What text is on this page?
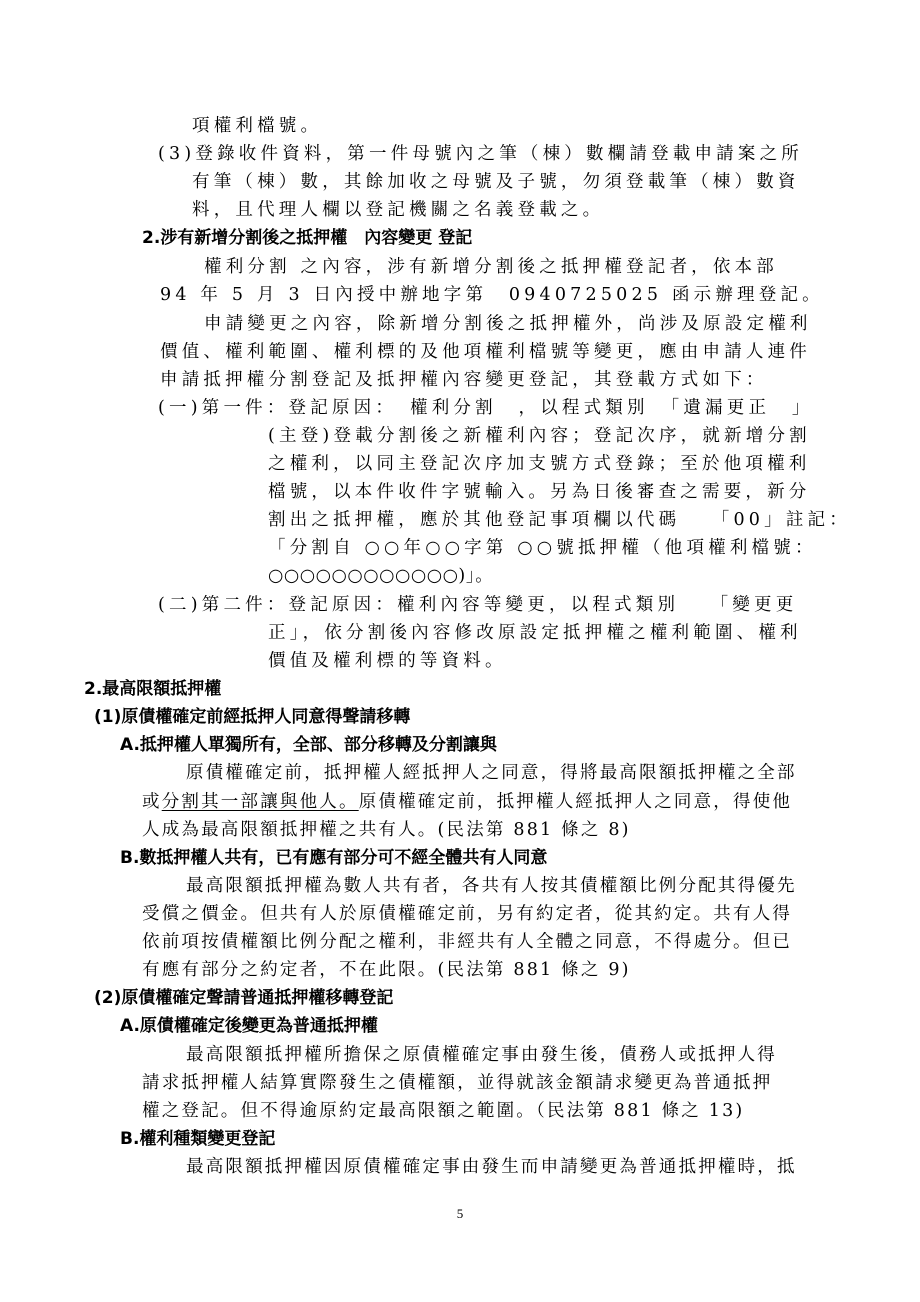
項權利檔號。
(3)登錄收件資料，第一件母號內之筆（棟）數欄請登載申請案之所
有筆（棟）數，其餘加收之母號及子號，勿須登載筆（棟）數資
料，且代理人欄以登記機關之名義登載之。
2.涉有新增分割後之抵押權　內容變更 登記
權利分割 之內容，涉有新增分割後之抵押權登記者，依本部
94 年 5 月 3 日內授中辦地字第　0940725025 函示辦理登記。
申請變更之內容，除新增分割後之抵押權外，尚涉及原設定權利
價值、權利範圍、權利標的及他項權利檔號等變更，應由申請人連件
申請抵押權分割登記及抵押權內容變更登記，其登載方式如下：
(一)第一件：登記原因：　權利分割　，以程式類別　「遺漏更正　」
(主登)登載分割後之新權利內容；登記次序，就新增分割
之權利，以同主登記次序加支號方式登錄；至於他項權利
檔號，以本件收件字號輸入。另為日後審查之需要，新分
割出之抵押權，應於其他登記事項欄以代碼　 「00」註記：
「分割自 ○○年○○字第 ○○號抵押權（他項權利檔號：
○○○○○○○○○○○○)」。
(二)第二件：登記原因：權利內容等變更，以程式類別　 「變更更
正」，依分割後內容修改原設定抵押權之權利範圍、權利
價值及權利標的等資料。
2.最高限額抵押權
(1)原債權確定前經抵押人同意得聲請移轉
A.抵押權人單獨所有，全部、部分移轉及分割讓與
原債權確定前，抵押權人經抵押人之同意，得將最高限額抵押權之全部
或分割其一部讓與他人。原債權確定前，抵押權人經抵押人之同意，得使他
人成為最高限額抵押權之共有人。(民法第 881 條之 8)
B.數抵押權人共有，已有應有部分可不經全體共有人同意
最高限額抵押權為數人共有者，各共有人按其債權額比例分配其得優先
受償之價金。但共有人於原債權確定前，另有約定者，從其約定。共有人得
依前項按債權額比例分配之權利，非經共有人全體之同意，不得處分。但已
有應有部分之約定者，不在此限。(民法第 881 條之 9)
(2)原債權確定聲請普通抵押權移轉登記
A.原債權確定後變更為普通抵押權
最高限額抵押權所擔保之原債權確定事由發生後，債務人或抵押人得
請求抵押權人結算實際發生之債權額，並得就該金額請求變更為普通抵押
權之登記。但不得逾原約定最高限額之範圍。（民法第 881 條之 13)
B.權利種類變更登記
最高限額抵押權因原債權確定事由發生而申請變更為普通抵押權時，抵
5
